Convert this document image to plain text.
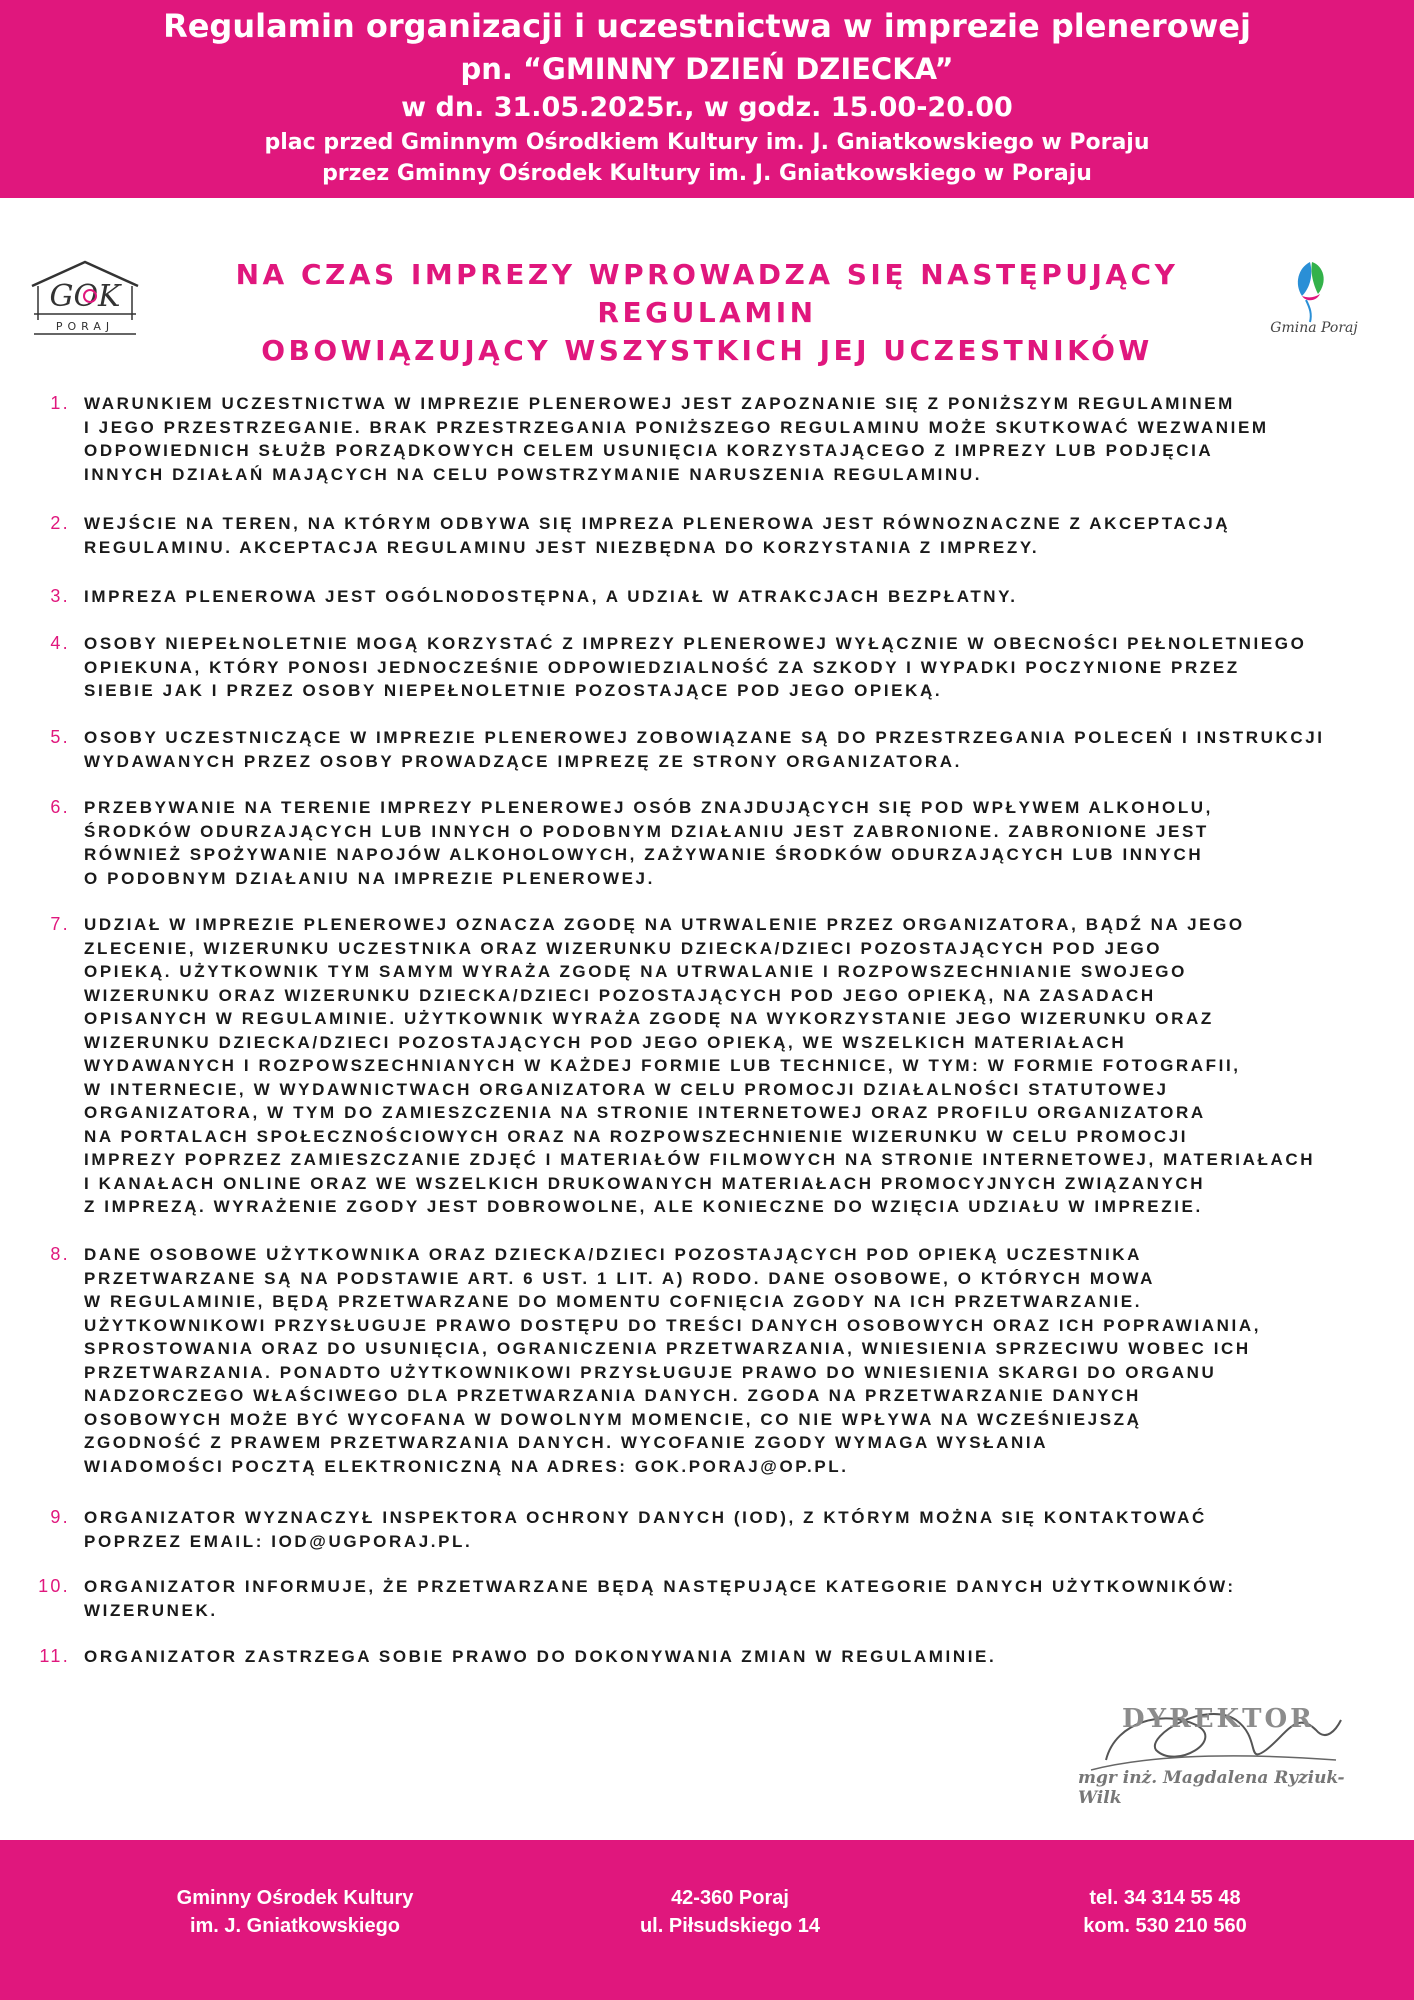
Regulamin organizacji i uczestnictwa w imprezie plenerowej
pn. “GMINNY DZIEŃ DZIECKA”
w dn. 31.05.2025r., w godz. 15.00-20.00
plac przed Gminnym Ośrodkiem Kultury im. J. Gniatkowskiego w Poraju
przez Gminny Ośrodek Kultury im. J. Gniatkowskiego w Poraju
GOK
PORAJ
NA CZAS IMPREZY WPROWADZA SIĘ NASTĘPUJĄCY REGULAMIN
OBOWIĄZUJĄCY WSZYSTKICH JEJ UCZESTNIKÓW
Gmina Poraj
1. WARUNKIEM UCZESTNICTWA W IMPREZIE PLENEROWEJ JEST ZAPOZNANIE SIĘ Z PONIŻSZYM REGULAMINEM
I JEGO PRZESTRZEGANIE. BRAK PRZESTRZEGANIA PONIŻSZEGO REGULAMINU MOŻE SKUTKOWAĆ WEZWANIEM
ODPOWIEDNICH SŁUŻB PORZĄDKOWYCH CELEM USUNIĘCIA KORZYSTAJĄCEGO Z IMPREZY LUB PODJĘCIA
INNYCH DZIAŁAŃ MAJĄCYCH NA CELU POWSTRZYMANIE NARUSZENIA REGULAMINU.
2. WEJŚCIE NA TEREN, NA KTÓRYM ODBYWA SIĘ IMPREZA PLENEROWA JEST RÓWNOZNACZNE Z AKCEPTACJĄ
REGULAMINU. AKCEPTACJA REGULAMINU JEST NIEZBĘDNA DO KORZYSTANIA Z IMPREZY.
3. IMPREZA PLENEROWA JEST OGÓLNODOSTĘPNA, A UDZIAŁ W ATRAKCJACH BEZPŁATNY.
4. OSOBY NIEPEŁNOLETNIE MOGĄ KORZYSTAĆ Z IMPREZY PLENEROWEJ WYŁĄCZNIE W OBECNOŚCI PEŁNOLETNIEGO
OPIEKUNA, KTÓRY PONOSI JEDNOCZEŚNIE ODPOWIEDZIALNOŚĆ ZA SZKODY I WYPADKI POCZYNIONE PRZEZ
SIEBIE JAK I PRZEZ OSOBY NIEPEŁNOLETNIE POZOSTAJĄCE POD JEGO OPIEKĄ.
5. OSOBY UCZESTNICZĄCE W IMPREZIE PLENEROWEJ ZOBOWIĄZANE SĄ DO PRZESTRZEGANIA POLECEŃ I INSTRUKCJI
WYDAWANYCH PRZEZ OSOBY PROWADZĄCE IMPREZĘ ZE STRONY ORGANIZATORA.
6. PRZEBYWANIE NA TERENIE IMPREZY PLENEROWEJ OSÓB ZNAJDUJĄCYCH SIĘ POD WPŁYWEM ALKOHOLU,
ŚRODKÓW ODURZAJĄCYCH LUB INNYCH O PODOBNYM DZIAŁANIU JEST ZABRONIONE. ZABRONIONE JEST
RÓWNIEŻ SPOŻYWANIE NAPOJÓW ALKOHOLOWYCH, ZAŻYWANIE ŚRODKÓW ODURZAJĄCYCH LUB INNYCH
O PODOBNYM DZIAŁANIU NA IMPREZIE PLENEROWEJ.
7. UDZIAŁ W IMPREZIE PLENEROWEJ OZNACZA ZGODĘ NA UTRWALENIE PRZEZ ORGANIZATORA, BĄDŹ NA JEGO
ZLECENIE, WIZERUNKU UCZESTNIKA ORAZ WIZERUNKU DZIECKA/DZIECI POZOSTAJĄCYCH POD JEGO
OPIEKĄ. UŻYTKOWNIK TYM SAMYM WYRAŻA ZGODĘ NA UTRWALANIE I ROZPOWSZECHNIANIE SWOJEGO
WIZERUNKU ORAZ WIZERUNKU DZIECKA/DZIECI POZOSTAJĄCYCH POD JEGO OPIEKĄ, NA ZASADACH
OPISANYCH W REGULAMINIE. UŻYTKOWNIK WYRAŻA ZGODĘ NA WYKORZYSTANIE JEGO WIZERUNKU ORAZ
WIZERUNKU DZIECKA/DZIECI POZOSTAJĄCYCH POD JEGO OPIEKĄ, WE WSZELKICH MATERIAŁACH
WYDAWANYCH I ROZPOWSZECHNIANYCH W KAŻDEJ FORMIE LUB TECHNICE, W TYM: W FORMIE FOTOGRAFII,
W INTERNECIE, W WYDAWNICTWACH ORGANIZATORA W CELU PROMOCJI DZIAŁALNOŚCI STATUTOWEJ
ORGANIZATORA, W TYM DO ZAMIESZCZENIA NA STRONIE INTERNETOWEJ ORAZ PROFILU ORGANIZATORA
NA PORTALACH SPOŁECZNOŚCIOWYCH ORAZ NA ROZPOWSZECHNIENIE WIZERUNKU W CELU PROMOCJI
IMPREZY POPRZEZ ZAMIESZCZANIE ZDJĘĆ I MATERIAŁÓW FILMOWYCH NA STRONIE INTERNETOWEJ, MATERIAŁACH
I KANAŁACH ONLINE ORAZ WE WSZELKICH DRUKOWANYCH MATERIAŁACH PROMOCYJNYCH ZWIĄZANYCH
Z IMPREZĄ. WYRAŻENIE ZGODY JEST DOBROWOLNE, ALE KONIECZNE DO WZIĘCIA UDZIAŁU W IMPREZIE.
8. DANE OSOBOWE UŻYTKOWNIKA ORAZ DZIECKA/DZIECI POZOSTAJĄCYCH POD OPIEKĄ UCZESTNIKA
PRZETWARZANE SĄ NA PODSTAWIE ART. 6 UST. 1 LIT. A) RODO. DANE OSOBOWE, O KTÓRYCH MOWA
W REGULAMINIE, BĘDĄ PRZETWARZANE DO MOMENTU COFNIĘCIA ZGODY NA ICH PRZETWARZANIE.
UŻYTKOWNIKOWI PRZYSŁUGUJE PRAWO DOSTĘPU DO TREŚCI DANYCH OSOBOWYCH ORAZ ICH POPRAWIANIA,
SPROSTOWANIA ORAZ DO USUNIĘCIA, OGRANICZENIA PRZETWARZANIA, WNIESIENIA SPRZECIWU WOBEC ICH
PRZETWARZANIA. PONADTO UŻYTKOWNIKOWI PRZYSŁUGUJE PRAWO DO WNIESIENIA SKARGI DO ORGANU
NADZORCZEGO WŁAŚCIWEGO DLA PRZETWARZANIA DANYCH. ZGODA NA PRZETWARZANIE DANYCH
OSOBOWYCH MOŻE BYĆ WYCOFANA W DOWOLNYM MOMENCIE, CO NIE WPŁYWA NA WCZEŚNIEJSZĄ
ZGODNOŚĆ Z PRAWEM PRZETWARZANIA DANYCH. WYCOFANIE ZGODY WYMAGA WYSŁANIA
WIADOMOŚCI POCZTĄ ELEKTRONICZNĄ NA ADRES: GOK.PORAJ@OP.PL.
9. ORGANIZATOR WYZNACZYŁ INSPEKTORA OCHRONY DANYCH (IOD), Z KTÓRYM MOŻNA SIĘ KONTAKTOWAĆ
POPRZEZ EMAIL: IOD@UGPORAJ.PL.
10. ORGANIZATOR INFORMUJE, ŻE PRZETWARZANE BĘDĄ NASTĘPUJĄCE KATEGORIE DANYCH UŻYTKOWNIKÓW:
WIZERUNEK.
11. ORGANIZATOR ZASTRZEGA SOBIE PRAWO DO DOKONYWANIA ZMIAN W REGULAMINIE.
DYREKTOR
mgr inż. Magdalena Ryziuk-Wilk
Gminny Ośrodek Kultury
im. J. Gniatkowskiego
42-360 Poraj
ul. Piłsudskiego 14
tel. 34 314 55 48
kom. 530 210 560
